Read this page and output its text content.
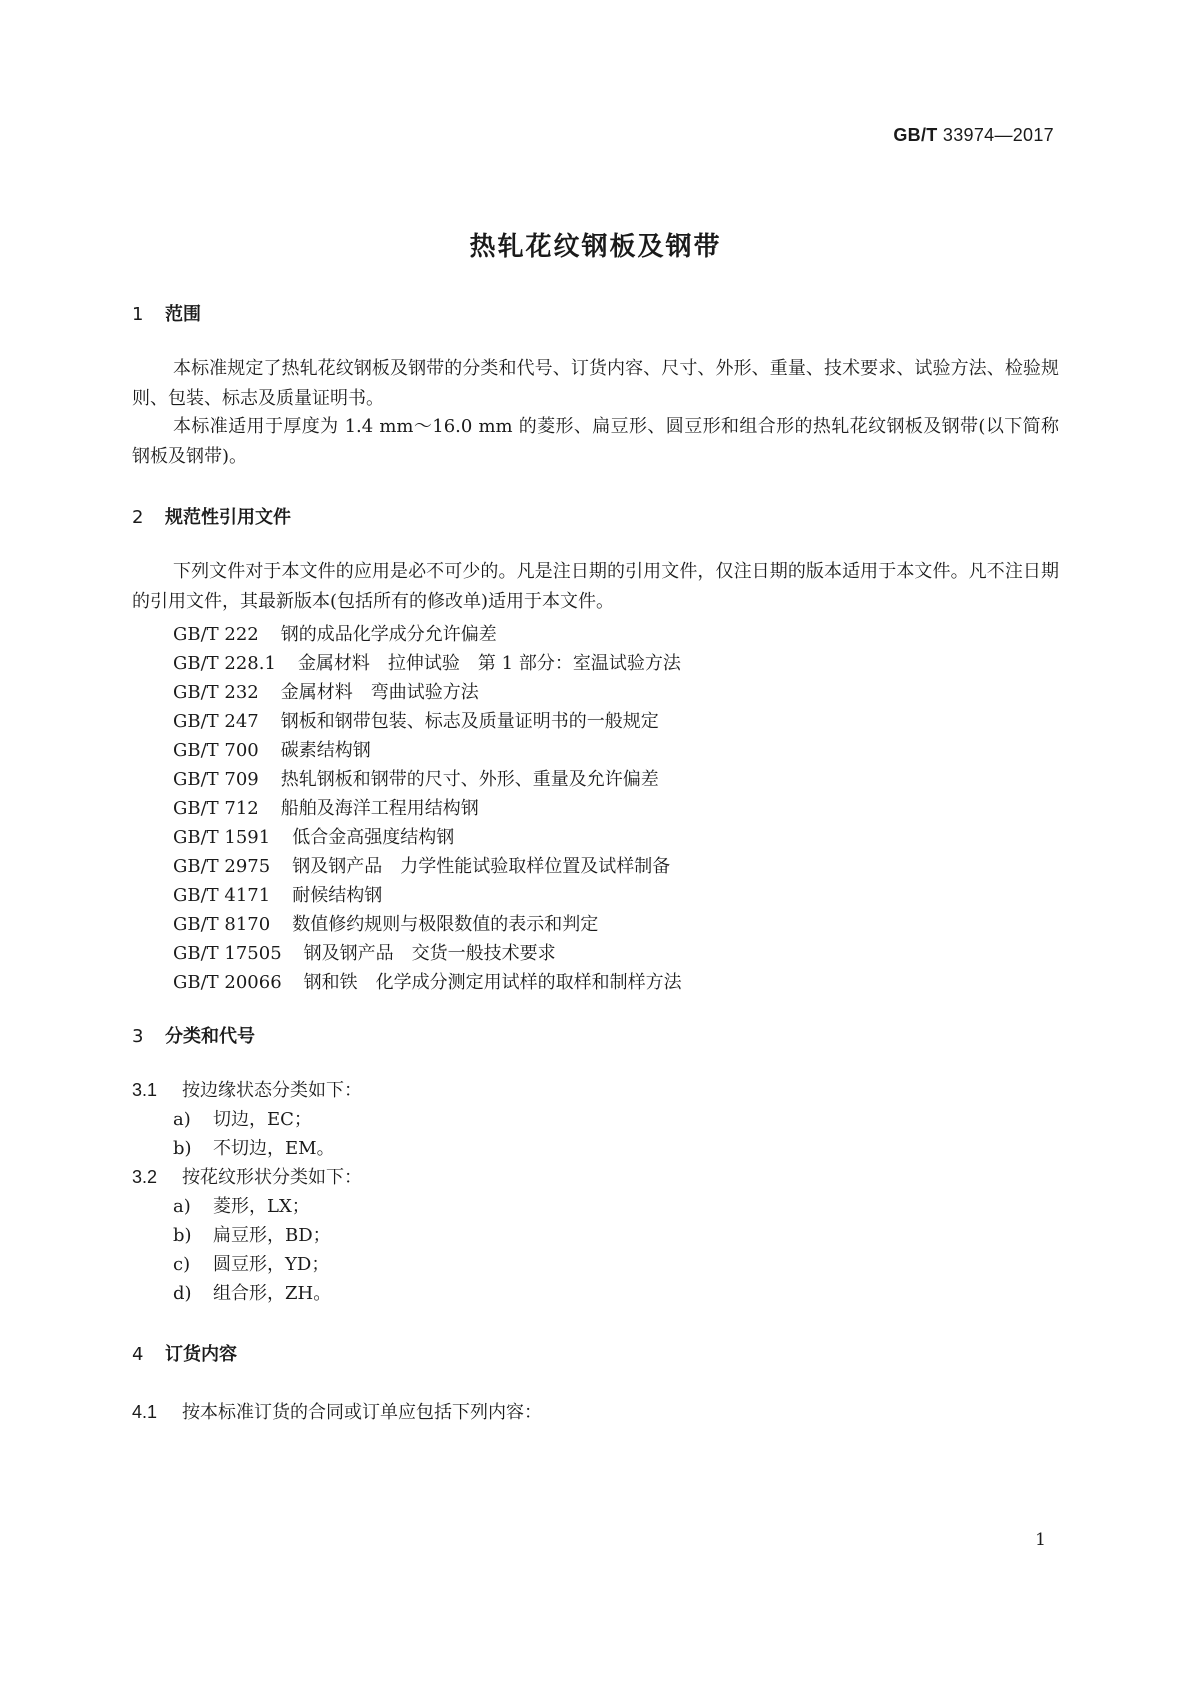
GB/T 33974—2017
热轧花纹钢板及钢带
1 范围
本标准规定了热轧花纹钢板及钢带的分类和代号、订货内容、尺寸、外形、重量、技术要求、试验方法、检验规则、包装、标志及质量证明书。
本标准适用于厚度为 1.4 mm～16.0 mm 的菱形、扁豆形、圆豆形和组合形的热轧花纹钢板及钢带(以下简称钢板及钢带)。
2 规范性引用文件
下列文件对于本文件的应用是必不可少的。凡是注日期的引用文件，仅注日期的版本适用于本文件。凡不注日期的引用文件，其最新版本(包括所有的修改单)适用于本文件。
GB/T 222 钢的成品化学成分允许偏差
GB/T 228.1 金属材料　拉伸试验　第 1 部分：室温试验方法
GB/T 232 金属材料　弯曲试验方法
GB/T 247 钢板和钢带包装、标志及质量证明书的一般规定
GB/T 700 碳素结构钢
GB/T 709 热轧钢板和钢带的尺寸、外形、重量及允许偏差
GB/T 712 船舶及海洋工程用结构钢
GB/T 1591 低合金高强度结构钢
GB/T 2975 钢及钢产品　力学性能试验取样位置及试样制备
GB/T 4171 耐候结构钢
GB/T 8170 数值修约规则与极限数值的表示和判定
GB/T 17505 钢及钢产品　交货一般技术要求
GB/T 20066 钢和铁　化学成分测定用试样的取样和制样方法
3 分类和代号
3.1 按边缘状态分类如下：
a) 切边，EC；
b) 不切边，EM。
3.2 按花纹形状分类如下：
a) 菱形，LX；
b) 扁豆形，BD；
c) 圆豆形，YD；
d) 组合形，ZH。
4 订货内容
4.1 按本标准订货的合同或订单应包括下列内容：
1
